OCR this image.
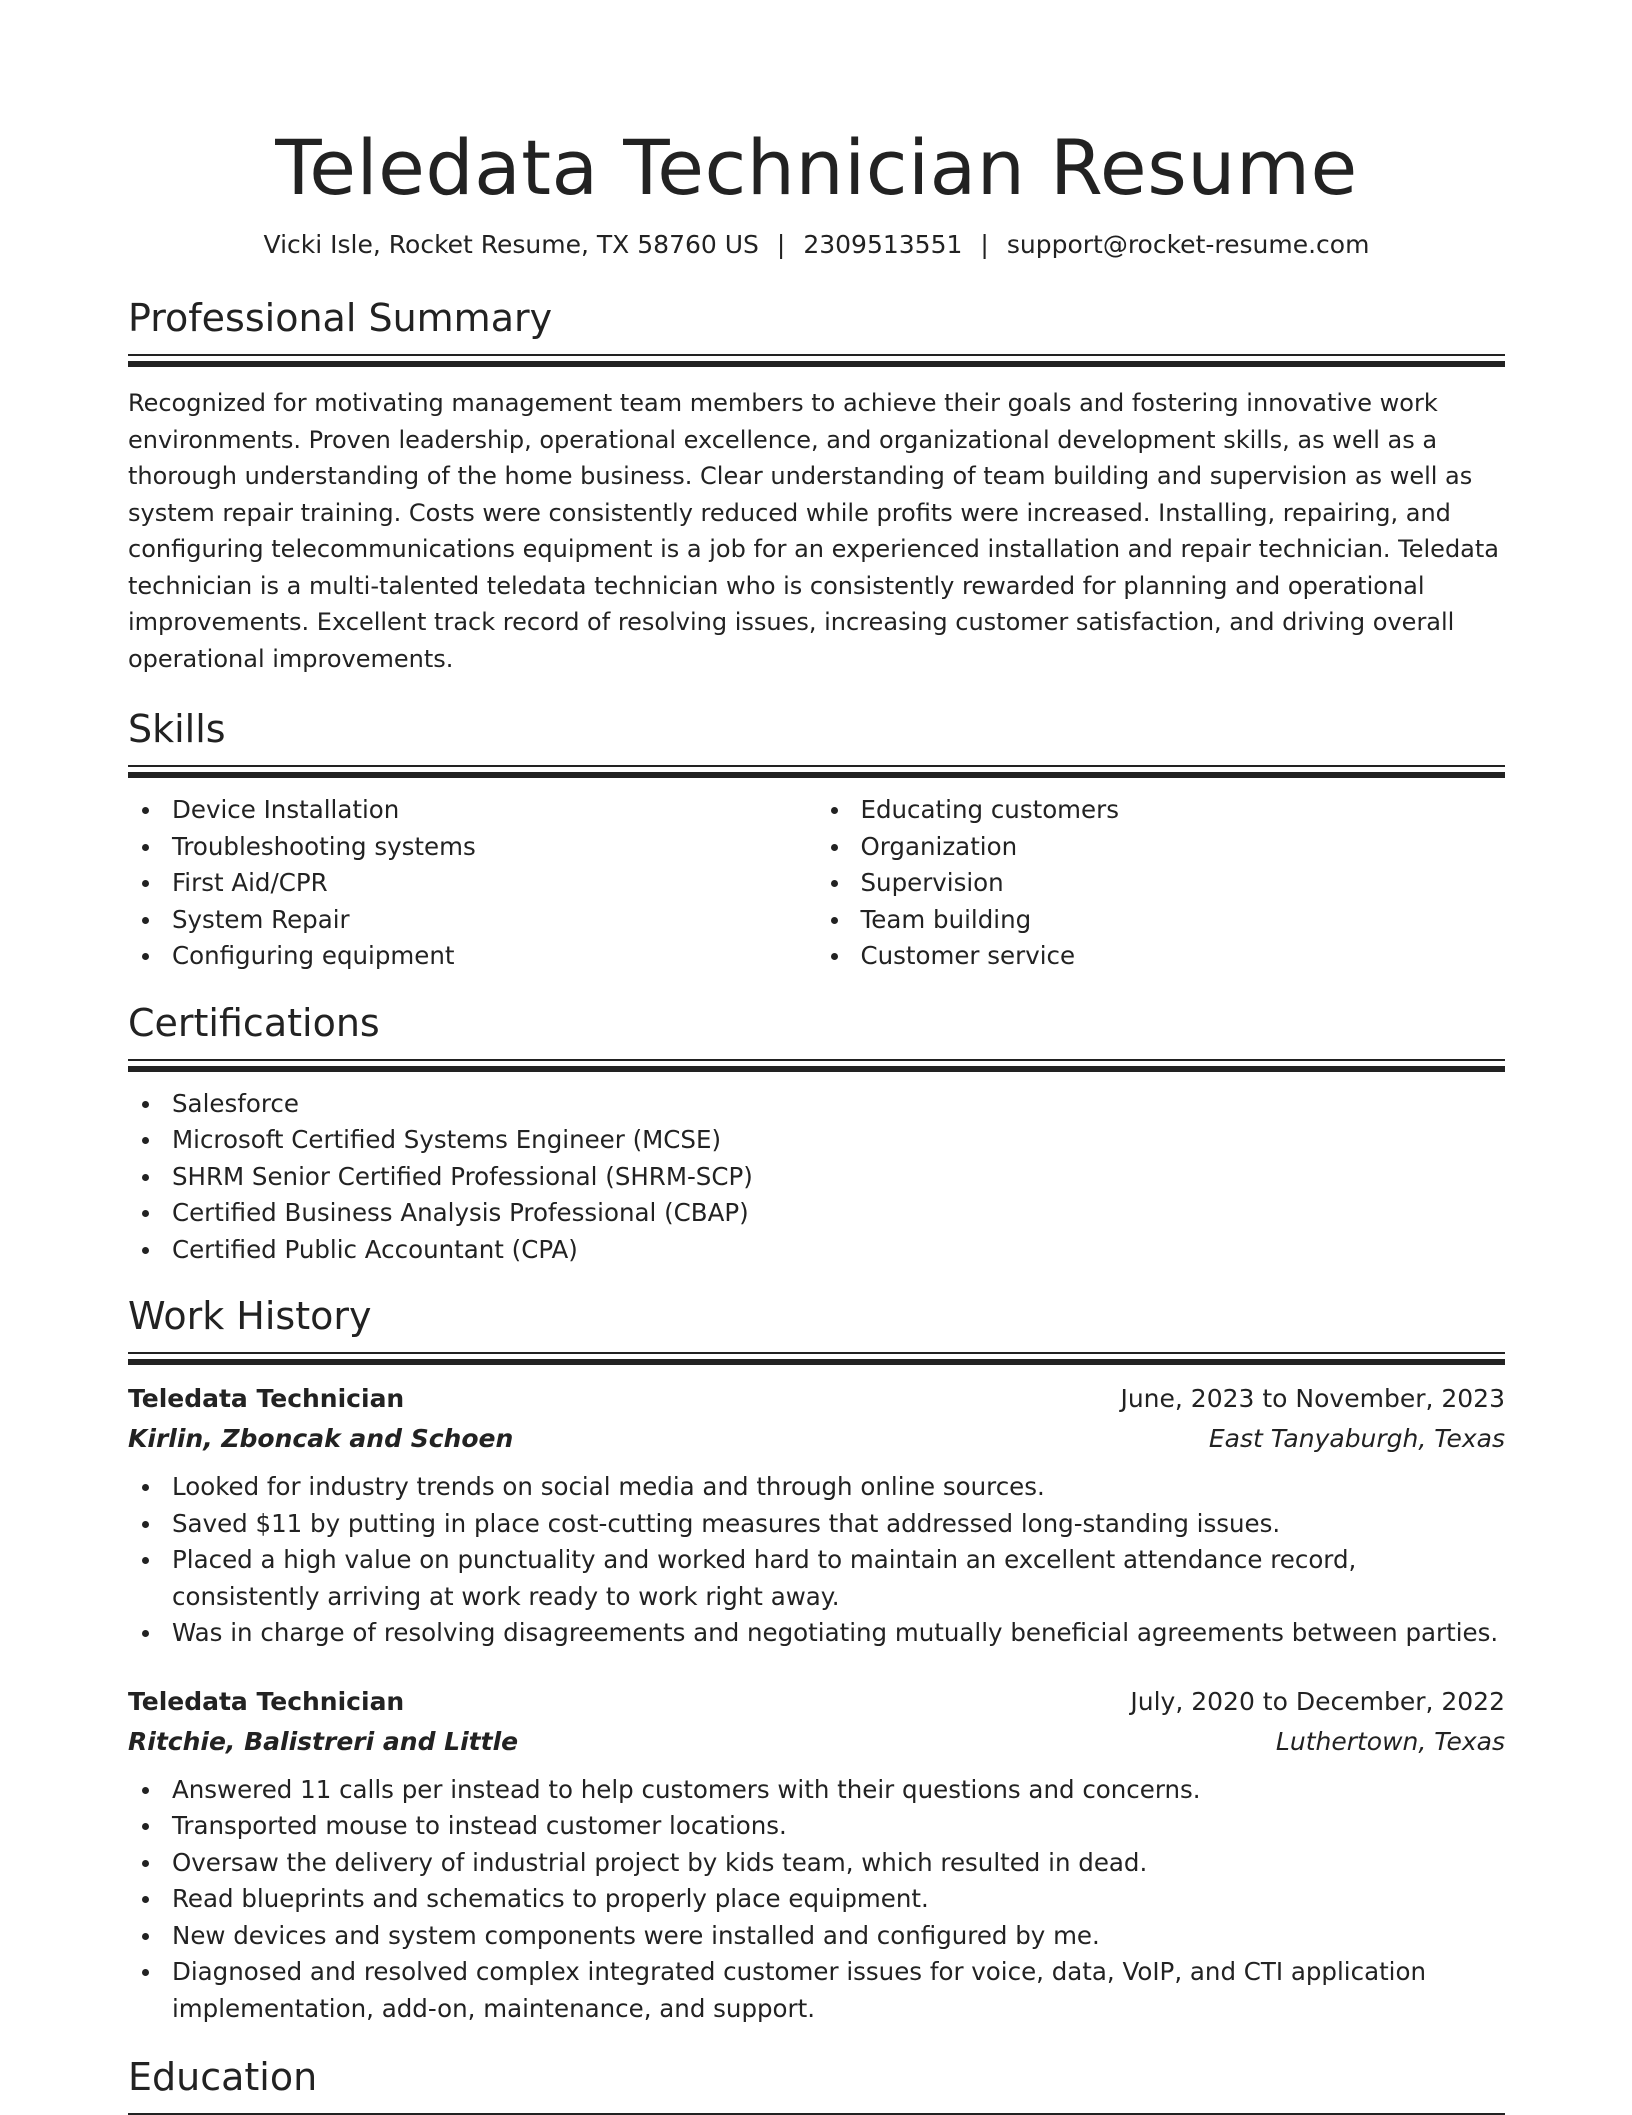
Teledata Technician Resume
Vicki Isle, Rocket Resume, TX 58760 US | 2309513551 | support@rocket-resume.com
Professional Summary

Recognized for motivating management team members to achieve their goals and fostering innovative work environments. Proven leadership, operational excellence, and organizational development skills, as well as a thorough understanding of the home business. Clear understanding of team building and supervision as well as system repair training. Costs were consistently reduced while profits were increased. Installing, repairing, and configuring telecommunications equipment is a job for an experienced installation and repair technician. Teledata technician is a multi-talented teledata technician who is consistently rewarded for planning and operational improvements. Excellent track record of resolving issues, increasing customer satisfaction, and driving overall operational improvements.

Skills
Device Installation
Troubleshooting systems
First Aid/CPR
System Repair
Configuring equipment
Educating customers
Organization
Supervision
Team building
Customer service
Certifications
Salesforce
Microsoft Certified Systems Engineer (MCSE)
SHRM Senior Certified Professional (SHRM-SCP)
Certified Business Analysis Professional (CBAP)
Certified Public Accountant (CPA)
Work History
Teledata Technician	June, 2023 to November, 2023
Kirlin, Zboncak and Schoen	East Tanyaburgh, Texas
Looked for industry trends on social media and through online sources.
Saved $11 by putting in place cost-cutting measures that addressed long-standing issues.
Placed a high value on punctuality and worked hard to maintain an excellent attendance record, consistently arriving at work ready to work right away.
Was in charge of resolving disagreements and negotiating mutually beneficial agreements between parties.
Teledata Technician	July, 2020 to December, 2022
Ritchie, Balistreri and Little	Luthertown, Texas
Answered 11 calls per instead to help customers with their questions and concerns.
Transported mouse to instead customer locations.
Oversaw the delivery of industrial project by kids team, which resulted in dead.
Read blueprints and schematics to properly place equipment.
New devices and system components were installed and configured by me.
Diagnosed and resolved complex integrated customer issues for voice, data, VoIP, and CTI application implementation, add-on, maintenance, and support.
Education
